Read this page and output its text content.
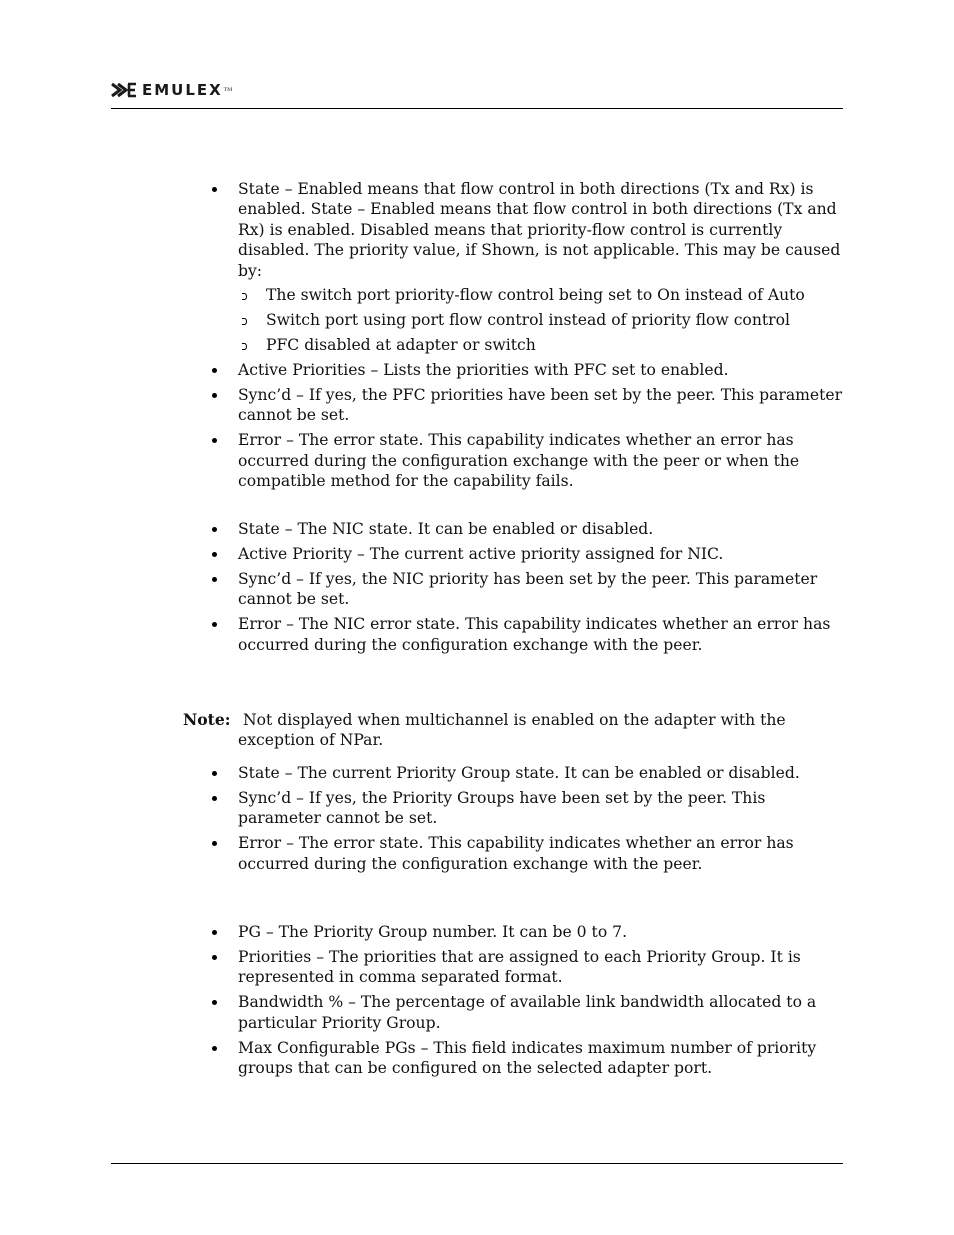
EMULEX TM
State – Enabled means that flow control in both directions (Tx and Rx) is enabled. State – Enabled means that flow control in both directions (Tx and Rx) is enabled. Disabled means that priority-flow control is currently disabled. The priority value, if Shown, is not applicable. This may be caused by:
The switch port priority-flow control being set to On instead of Auto
Switch port using port flow control instead of priority flow control
PFC disabled at adapter or switch
Active Priorities – Lists the priorities with PFC set to enabled.
Sync’d – If yes, the PFC priorities have been set by the peer. This parameter cannot be set.
Error – The error state. This capability indicates whether an error has occurred during the configuration exchange with the peer or when the compatible method for the capability fails.
State – The NIC state. It can be enabled or disabled.
Active Priority – The current active priority assigned for NIC.
Sync’d – If yes, the NIC priority has been set by the peer. This parameter cannot be set.
Error – The NIC error state. This capability indicates whether an error has occurred during the configuration exchange with the peer.
Note: Not displayed when multichannel is enabled on the adapter with the exception of NPar.
State – The current Priority Group state. It can be enabled or disabled.
Sync’d – If yes, the Priority Groups have been set by the peer. This parameter cannot be set.
Error – The error state. This capability indicates whether an error has occurred during the configuration exchange with the peer.
PG – The Priority Group number. It can be 0 to 7.
Priorities – The priorities that are assigned to each Priority Group. It is represented in comma separated format.
Bandwidth % – The percentage of available link bandwidth allocated to a particular Priority Group.
Max Configurable PGs – This field indicates maximum number of priority groups that can be configured on the selected adapter port.
